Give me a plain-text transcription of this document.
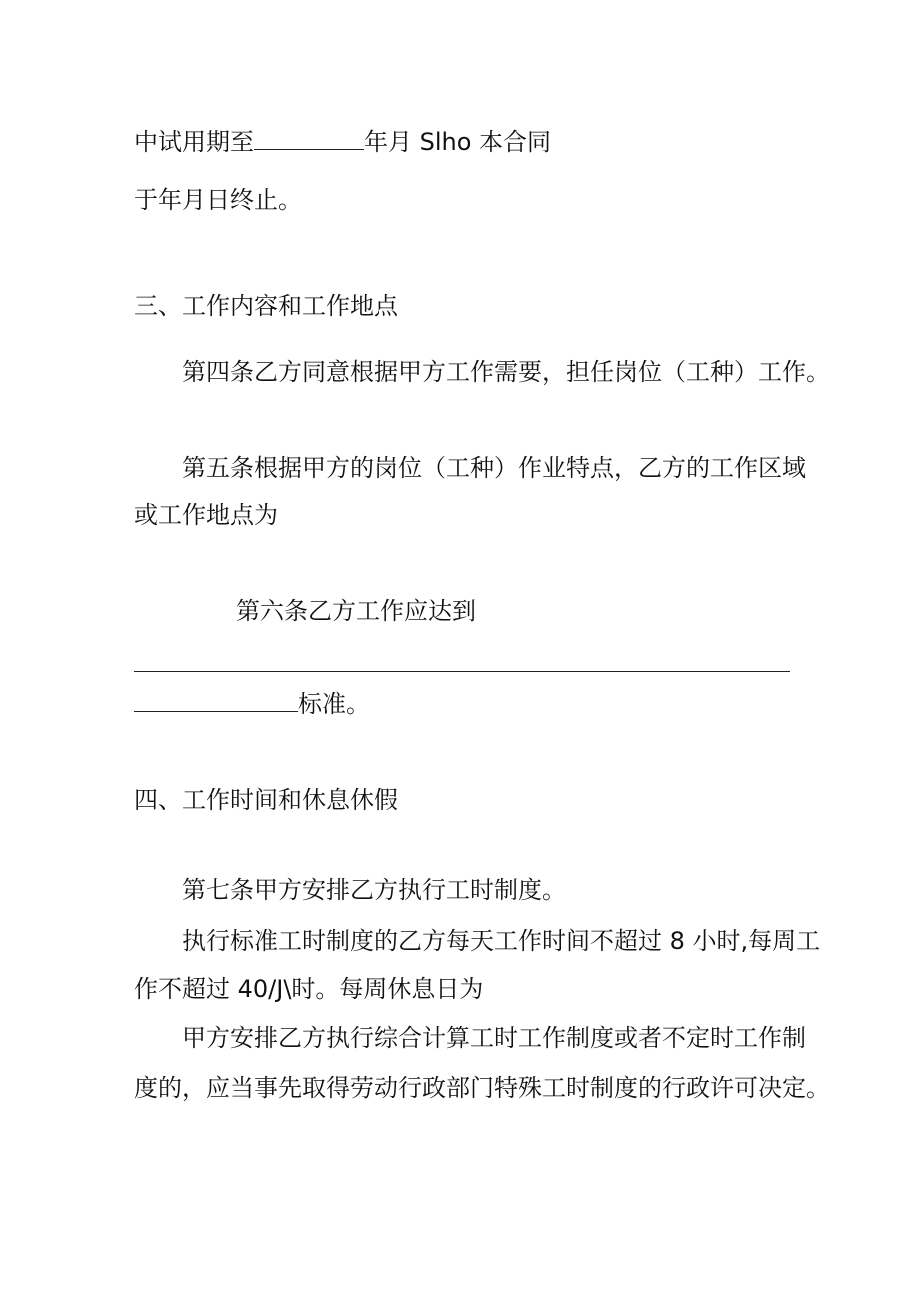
中试用期至	年月 Slho 本合同
于年月日终止。
三、工作内容和工作地点
第四条乙方同意根据甲方工作需要，担任岗位（工种）工作。
第五条根据甲方的岗位（工种）作业特点，乙方的工作区域
或工作地点为
第六条乙方工作应达到
标准。
四、工作时间和休息休假
第七条甲方安排乙方执行工时制度。
执行标准工时制度的乙方每天工作时间不超过 8 小时,每周工
作不超过 40/J\时。每周休息日为
甲方安排乙方执行综合计算工时工作制度或者不定时工作制
度的，应当事先取得劳动行政部门特殊工时制度的行政许可决定。
